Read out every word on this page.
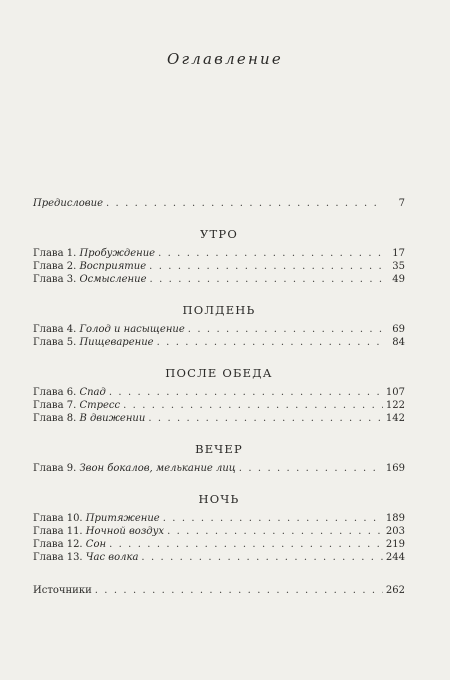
Оглавление
Предисловие . . .	7
УТРО
Глава 1. Пробуждение . . .	17
Глава 2. Восприятие . . .	35
Глава 3. Осмысление . . .	49
ПОЛДЕНЬ
Глава 4. Голод и насыщение . . .	69
Глава 5. Пищеварение . . .	84
ПОСЛЕ ОБЕДА
Глава 6. Спад . . .	107
Глава 7. Стресс . . .	122
Глава 8. В движении . . .	142
ВЕЧЕР
Глава 9. Звон бокалов, мелькание лиц . . .	169
НОЧЬ
Глава 10. Притяжение . . .	189
Глава 11. Ночной воздух . . .	203
Глава 12. Сон . . .	219
Глава 13. Час волка . . .	244
Источники . . .	262
